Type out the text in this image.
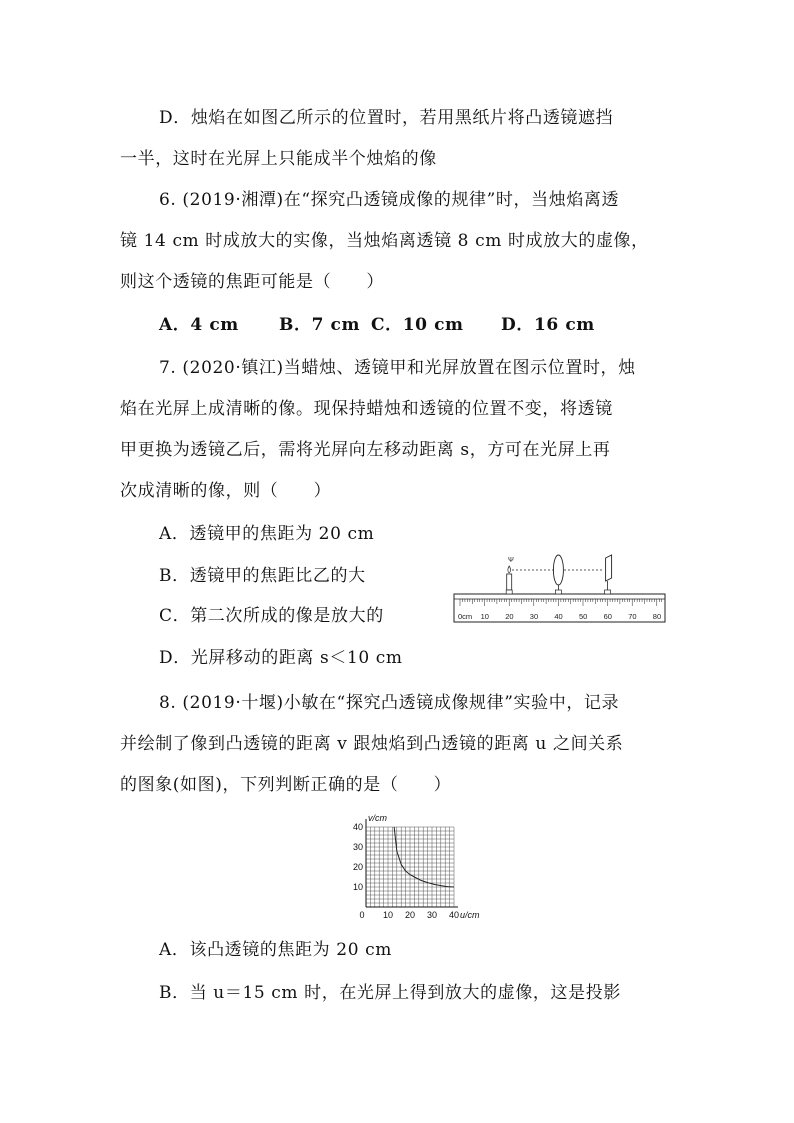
D．烛焰在如图乙所示的位置时，若用黑纸片将凸透镜遮挡
一半，这时在光屏上只能成半个烛焰的像
6. (2019·湘潭)在“探究凸透镜成像的规律”时，当烛焰离透
镜 14 cm 时成放大的实像，当烛焰离透镜 8 cm 时成放大的虚像，
则这个透镜的焦距可能是（　　）
A．4 cm B．7 cm C．10 cm D．16 cm
7. (2020·镇江)当蜡烛、透镜甲和光屏放置在图示位置时，烛
焰在光屏上成清晰的像。现保持蜡烛和透镜的位置不变，将透镜
甲更换为透镜乙后，需将光屏向左移动距离 s，方可在光屏上再
次成清晰的像，则（　　）
A．透镜甲的焦距为 20 cm
B．透镜甲的焦距比乙的大
C．第二次所成的像是放大的
D．光屏移动的距离 s＜10 cm
0cm 10 20 30 40 50 60 70 80
Ψ
8. (2019·十堰)小敏在“探究凸透镜成像规律”实验中，记录
并绘制了像到凸透镜的距离 v 跟烛焰到凸透镜的距离 u 之间关系
的图象(如图)，下列判断正确的是（　　）
10
20
30
40
0 10 20 30 40
v/cm
u/cm
A．该凸透镜的焦距为 20 cm
B．当 u＝15 cm 时，在光屏上得到放大的虚像，这是投影
